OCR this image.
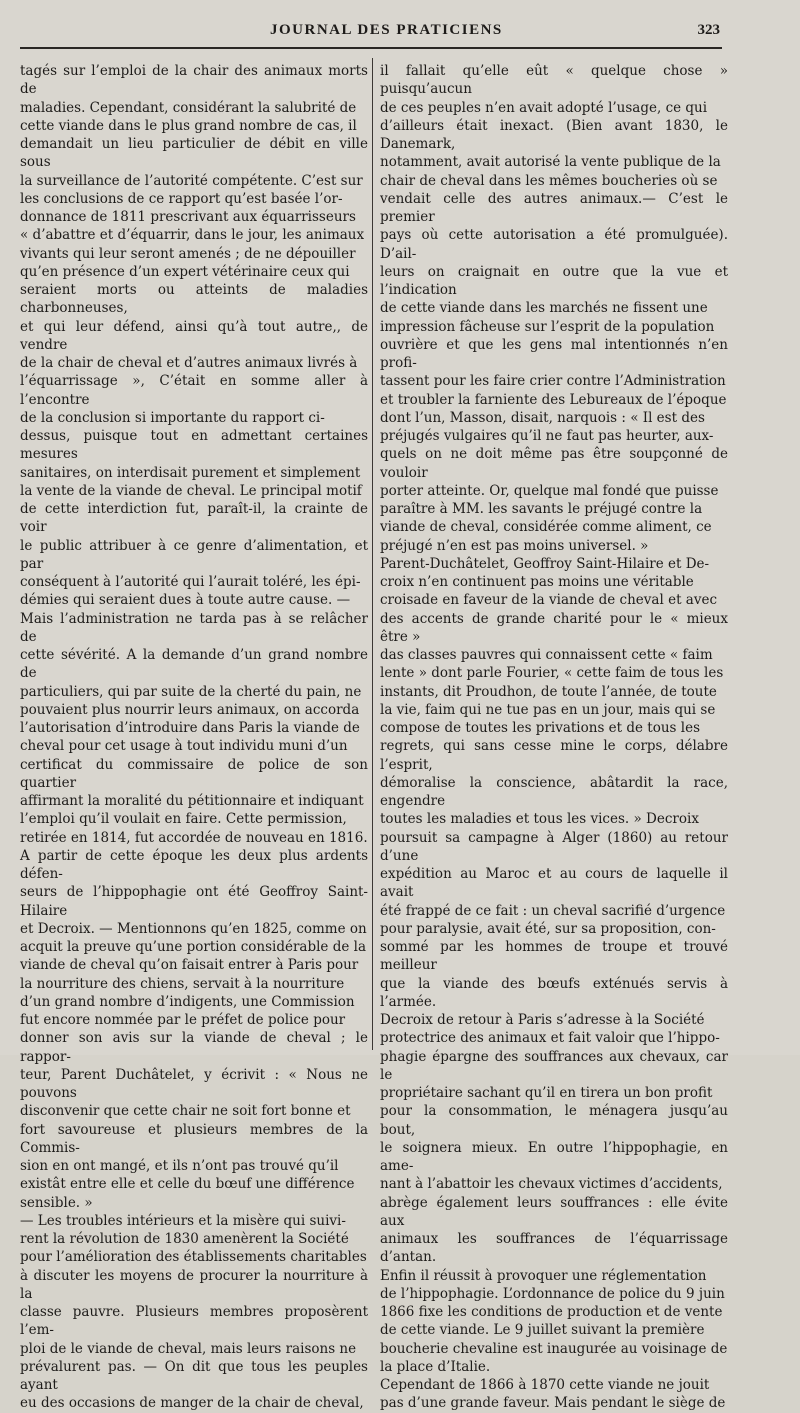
JOURNAL DES PRATICIENS	323

tagés sur l’emploi de la chair des animaux morts de
maladies. Cependant, considérant la salubrité de
cette viande dans le plus grand nombre de cas, il
demandait un lieu particulier de débit en ville sous
la surveillance de l’autorité compétente. C’est sur
les conclusions de ce rapport qu’est basée l’or-
donnance de 1811 prescrivant aux équarrisseurs
« d’abattre et d’équarrir, dans le jour, les animaux
vivants qui leur seront amenés ; de ne dépouiller
qu’en présence d’un expert vétérinaire ceux qui
seraient morts ou atteints de maladies charbonneuses,
et qui leur défend, ainsi qu’à tout autre,, de vendre
de la chair de cheval et d’autres animaux livrés à
l’équarrissage », C’était en somme aller à l’encontre
de la conclusion si importante du rapport ci-
dessus, puisque tout en admettant certaines mesures
sanitaires, on interdisait purement et simplement
la vente de la viande de cheval. Le principal motif
de cette interdiction fut, paraît-il, la crainte de voir
le public attribuer à ce genre d’alimentation, et par
conséquent à l’autorité qui l’aurait toléré, les épi-
démies qui seraient dues à toute autre cause. —
Mais l’administration ne tarda pas à se relâcher de
cette sévérité. A la demande d’un grand nombre de
particuliers, qui par suite de la cherté du pain, ne
pouvaient plus nourrir leurs animaux, on accorda
l’autorisation d’introduire dans Paris la viande de
cheval pour cet usage à tout individu muni d’un
certificat du commissaire de police de son quartier
affirmant la moralité du pétitionnaire et indiquant
l’emploi qu’il voulait en faire. Cette permission,
retirée en 1814, fut accordée de nouveau en 1816.
A partir de cette époque les deux plus ardents défen-
seurs de l’hippophagie ont été Geoffroy Saint-Hilaire
et Decroix. — Mentionnons qu’en 1825, comme on
acquit la preuve qu’une portion considérable de la
viande de cheval qu’on faisait entrer à Paris pour
la nourriture des chiens, servait à la nourriture
d’un grand nombre d’indigents, une Commission
fut encore nommée par le préfet de police pour
donner son avis sur la viande de cheval ; le rappor-
teur, Parent Duchâtelet, y écrivit : « Nous ne pouvons
disconvenir que cette chair ne soit fort bonne et
fort savoureuse et plusieurs membres de la Commis-
sion en ont mangé, et ils n’ont pas trouvé qu’il
existât entre elle et celle du bœuf une différence
sensible. »

— Les troubles intérieurs et la misère qui suivi-
rent la révolution de 1830 amenèrent la Société
pour l’amélioration des établissements charitables
à discuter les moyens de procurer la nourriture à la
classe pauvre. Plusieurs membres proposèrent l’em-
ploi de le viande de cheval, mais leurs raisons ne
prévalurent pas. — On dit que tous les peuples ayant
eu des occasions de manger de la chair de cheval,

il fallait qu’elle eût « quelque chose » puisqu’aucun
de ces peuples n’en avait adopté l’usage, ce qui
d’ailleurs était inexact. (Bien avant 1830, le Danemark,
notamment, avait autorisé la vente publique de la
chair de cheval dans les mêmes boucheries où se
vendait celle des autres animaux.— C’est le premier
pays où cette autorisation a été promulguée). D’ail-
leurs on craignait en outre que la vue et l’indication
de cette viande dans les marchés ne fissent une
impression fâcheuse sur l’esprit de la population
ouvrière et que les gens mal intentionnés n’en profi-
tassent pour les faire crier contre l’Administration
et troubler la farniente des Lebureaux de l’époque
dont l’un, Masson, disait, narquois : « Il est des
préjugés vulgaires qu’il ne faut pas heurter, aux-
quels on ne doit même pas être soupçonné de vouloir
porter atteinte. Or, quelque mal fondé que puisse
paraître à MM. les savants le préjugé contre la
viande de cheval, considérée comme aliment, ce
préjugé n’en est pas moins universel. »

Parent-Duchâtelet, Geoffroy Saint-Hilaire et De-
croix n’en continuent pas moins une véritable
croisade en faveur de la viande de cheval et avec
des accents de grande charité pour le « mieux être »
das classes pauvres qui connaissent cette « faim
lente » dont parle Fourier, « cette faim de tous les
instants, dit Proudhon, de toute l’année, de toute
la vie, faim qui ne tue pas en un jour, mais qui se
compose de toutes les privations et de tous les
regrets, qui sans cesse mine le corps, délabre l’esprit,
démoralise la conscience, abâtardit la race, engendre
toutes les maladies et tous les vices. » Decroix
poursuit sa campagne à Alger (1860) au retour d’une
expédition au Maroc et au cours de laquelle il avait
été frappé de ce fait : un cheval sacrifié d’urgence
pour paralysie, avait été, sur sa proposition, con-
sommé par les hommes de troupe et trouvé meilleur
que la viande des bœufs exténués servis à l’armée.
Decroix de retour à Paris s’adresse à la Société
protectrice des animaux et fait valoir que l’hippo-
phagie épargne des souffrances aux chevaux, car le
propriétaire sachant qu’il en tirera un bon profit
pour la consommation, le ménagera jusqu’au bout,
le soignera mieux. En outre l’hippophagie, en ame-
nant à l’abattoir les chevaux victimes d’accidents,
abrège également leurs souffrances : elle évite aux
animaux les souffrances de l’équarrissage d’antan.

Enfin il réussit à provoquer une réglementation
de l’hippophagie. L’ordonnance de police du 9 juin
1866 fixe les conditions de production et de vente
de cette viande. Le 9 juillet suivant la première
boucherie chevaline est inaugurée au voisinage de
la place d’Italie.

Cependant de 1866 à 1870 cette viande ne jouit
pas d’une grande faveur. Mais pendant le siège de
